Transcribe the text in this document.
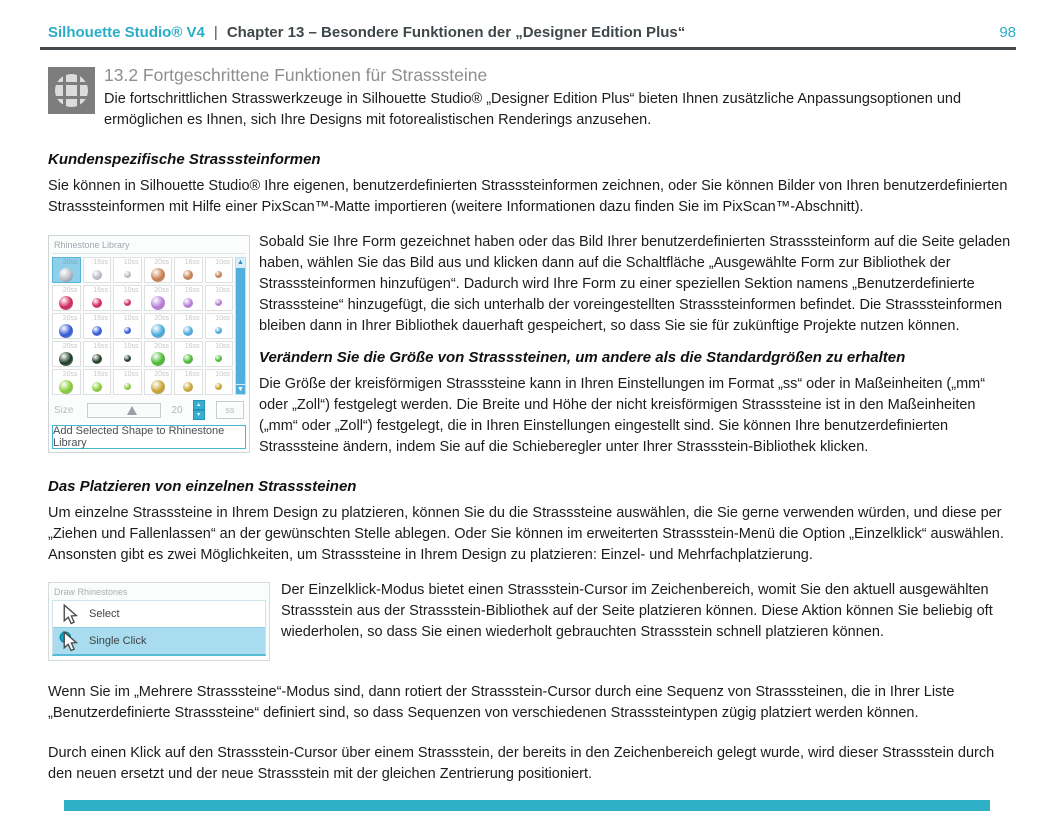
Silhouette Studio® V4 | Chapter 13 – Besondere Funktionen der „Designer Edition Plus“	98
13.2 Fortgeschrittene Funktionen für Strasssteine

Die fortschrittlichen Strasswerkzeuge in Silhouette Studio® „Designer Edition Plus“ bieten Ihnen zusätzliche Anpassungsoptionen und ermöglichen es Ihnen, sich Ihre Designs mit fotorealistischen Renderings anzusehen.

Kundenspezifische Strasssteinformen

Sie können in Silhouette Studio® Ihre eigenen, benutzerdefinierten Strasssteinformen zeichnen, oder Sie können Bilder von Ihren benutzerdefinierten Strasssteinformen mit Hilfe einer PixScan™-Matte importieren (weitere Informationen dazu finden Sie im PixScan™-Abschnitt).

Rhinestone Library
20ss 16ss 10ss 20ss 16ss 10ss
20ss 16ss 10ss 20ss 16ss 10ss
20ss 16ss 10ss 20ss 16ss 10ss
20ss 16ss 10ss 20ss 16ss 10ss
20ss 16ss 10ss 20ss 16ss 10ss
▲
▼
Size	20	▴
▾	ss
Add Selected Shape to Rhinestone Library

Sobald Sie Ihre Form gezeichnet haben oder das Bild Ihrer benutzerdefinierten Strasssteinform auf die Seite geladen haben, wählen Sie das Bild aus und klicken dann auf die Schaltfläche „Ausgewählte Form zur Bibliothek der Strasssteinformen hinzufügen“. Dadurch wird Ihre Form zu einer speziellen Sektion namens „Benutzerdefinierte Strasssteine“ hinzugefügt, die sich unterhalb der voreingestellten Strasssteinformen befindet. Die Strasssteinformen bleiben dann in Ihrer Bibliothek dauerhaft gespeichert, so dass Sie sie für zukünftige Projekte nutzen können.

Verändern Sie die Größe von Strasssteinen, um andere als die Standardgrößen zu erhalten

Die Größe der kreisförmigen Strasssteine kann in Ihren Einstellungen im Format „ss“ oder in Maßeinheiten („mm“ oder „Zoll“) festgelegt werden. Die Breite und Höhe der nicht kreisförmigen Strasssteine ist in den Maßeinheiten („mm“ oder „Zoll“) festgelegt, die in Ihren Einstellungen eingestellt sind. Sie können Ihre benutzerdefinierten Strasssteine ändern, indem Sie auf die Schieberegler unter Ihrer Strassstein-Bibliothek klicken.

Das Platzieren von einzelnen Strasssteinen

Um einzelne Strasssteine in Ihrem Design zu platzieren, können Sie du die Strasssteine auswählen, die Sie gerne verwenden würden, und diese per „Ziehen und Fallenlassen“ an der gewünschten Stelle ablegen. Oder Sie können im erweiterten Strassstein-Menü die Option „Einzelklick“ auswählen. Ansonsten gibt es zwei Möglichkeiten, um Strasssteine in Ihrem Design zu platzieren: Einzel- und Mehrfachplatzierung.

Draw Rhinestones
Select
Single Click

Der Einzelklick-Modus bietet einen Strassstein-Cursor im Zeichenbereich, womit Sie den aktuell ausgewählten Strassstein aus der Strassstein-Bibliothek auf der Seite platzieren können. Diese Aktion können Sie beliebig oft wiederholen, so dass Sie einen wiederholt gebrauchten Strassstein schnell platzieren können.

Wenn Sie im „Mehrere Strasssteine“-Modus sind, dann rotiert der Strassstein-Cursor durch eine Sequenz von Strasssteinen, die in Ihrer Liste „Benutzerdefinierte Strasssteine“ definiert sind, so dass Sequenzen von verschiedenen Strasssteintypen zügig platziert werden können.

Durch einen Klick auf den Strassstein-Cursor über einem Strassstein, der bereits in den Zeichenbereich gelegt wurde, wird dieser Strassstein durch den neuen ersetzt und der neue Strassstein mit der gleichen Zentrierung positioniert.
